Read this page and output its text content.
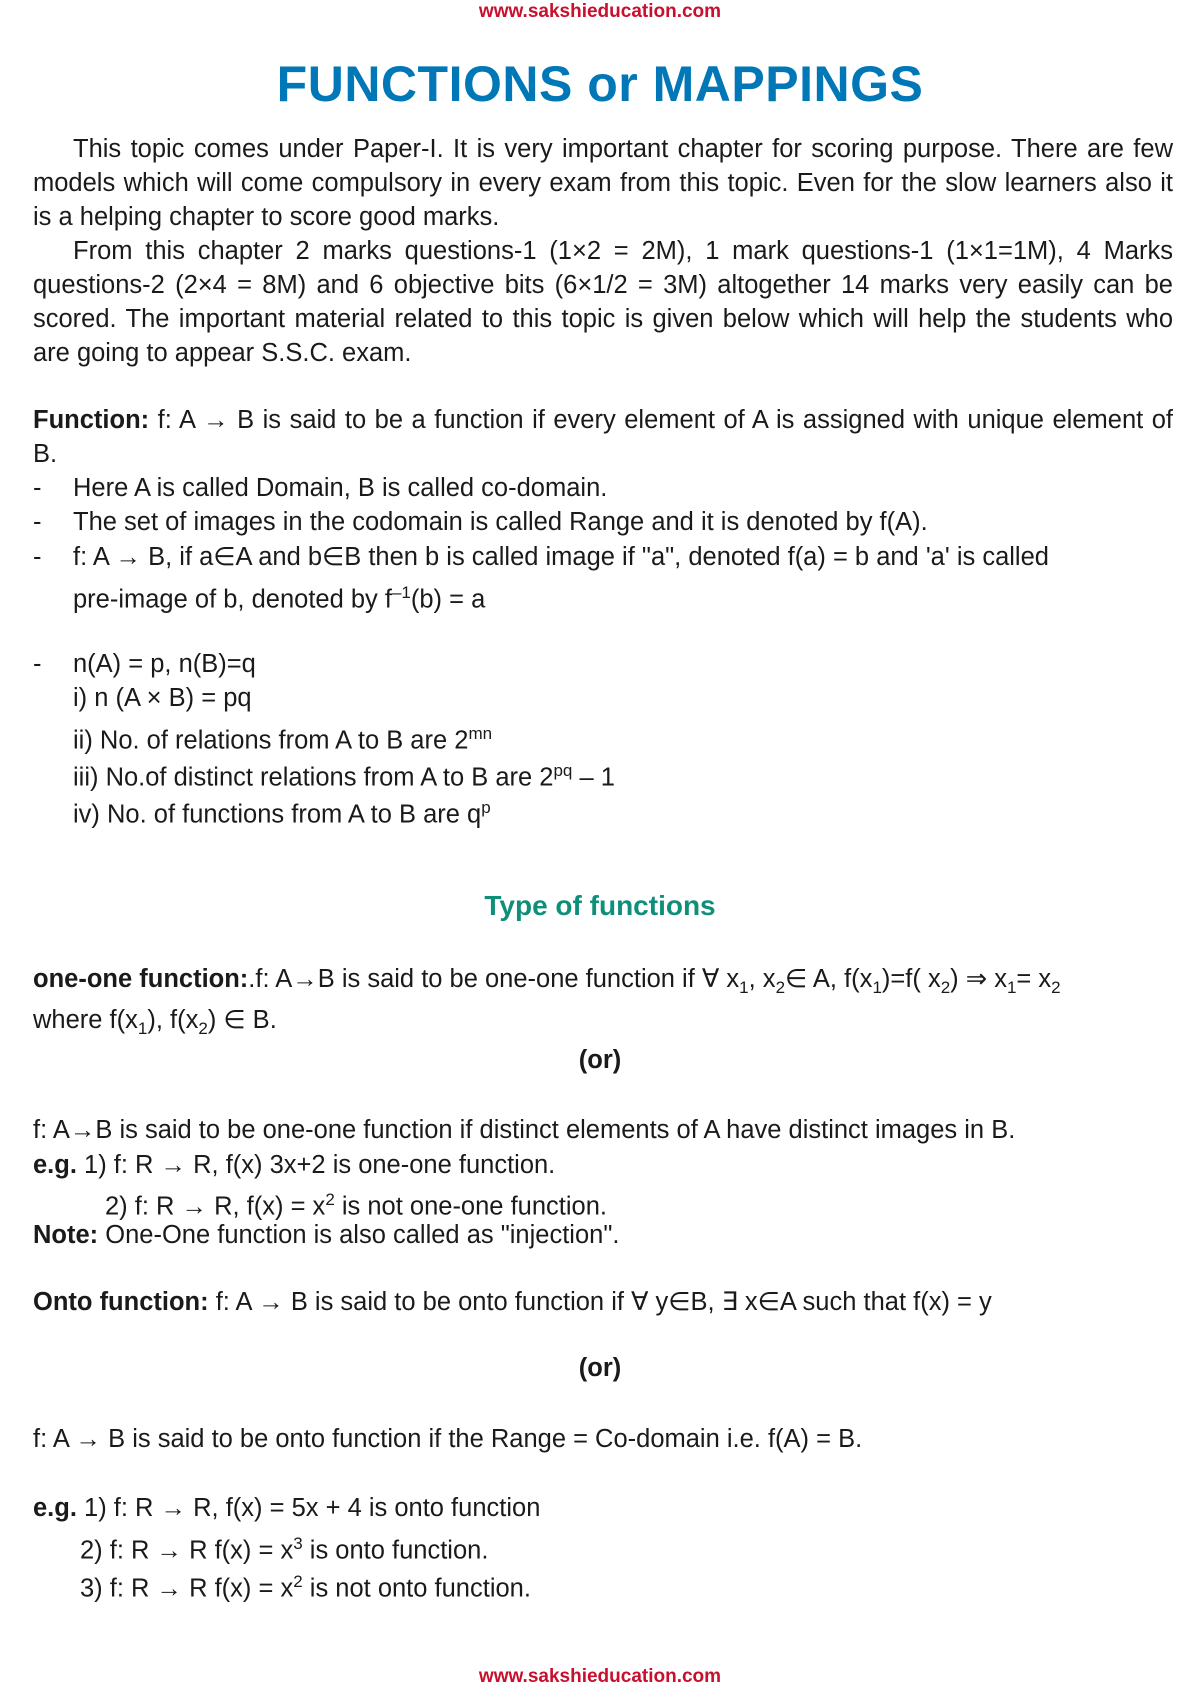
www.sakshieducation.com
FUNCTIONS or MAPPINGS
This topic comes under Paper-I. It is very important chapter for scoring purpose. There are few models which will come compulsory in every exam from this topic. Even for the slow learners also it is a helping chapter to score good marks.
From this chapter 2 marks questions-1 (1×2 = 2M), 1 mark questions-1 (1×1=1M), 4 Marks questions-2 (2×4 = 8M) and 6 objective bits (6×1/2 = 3M) altogether 14 marks very easily can be scored. The important material related to this topic is given below which will help the students who are going to appear S.S.C. exam.
Function: f: A → B is said to be a function if every element of A is assigned with unique element of B.
- Here A is called Domain, B is called co-domain.
- The set of images in the codomain is called Range and it is denoted by f(A).
- f: A → B, if a∈A and b∈B then b is called image if "a", denoted f(a) = b and 'a' is called
pre-image of b, denoted by $f^{-1}(b) = a$
- n(A) = p, n(B)=q
i) n (A × B) = pq
ii) No. of relations from A to B are $2^{mn}$
iii) No.of distinct relations from A to B are $2^{pq} - 1$
iv) No. of functions from A to B are $q^p$
Type of functions
one-one function:.f: A→B is said to be one-one function if ∀ $x_1$, $x_2\in$ A, $f(x_1)=f$( $x_2$) ⇒ $x_1= x_2$
where $f(x_1)$, $f(x_2)$ ∈ B.
(or)
f: A→B is said to be one-one function if distinct elements of A have distinct images in B.
e.g. 1) f: R → R, f(x) 3x+2 is one-one function.
2) f: R → R, $f(x) = x^2$ is not one-one function.
Note: One-One function is also called as "injection".
Onto function: f: A → B is said to be onto function if ∀ y∈B, ∃ x∈A such that f(x) = y
(or)
f: A → B is said to be onto function if the Range = Co-domain i.e. f(A) = B.
e.g. 1) f: R → R, f(x) = 5x + 4 is onto function
2) f: R → R $f(x) = x^3$ is onto function.
3) f: R → R $f(x) = x^2$ is not onto function.
www.sakshieducation.com
